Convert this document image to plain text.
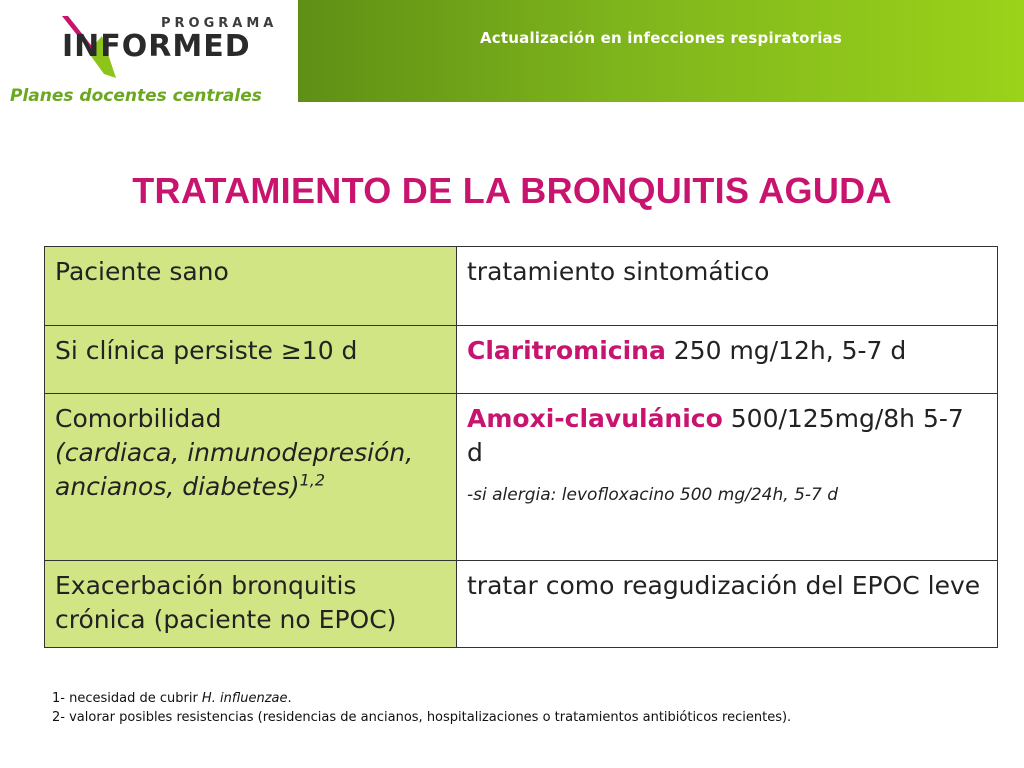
PROGRAMA
INFORMED
Planes docentes centrales
Actualización en infecciones respiratorias
TRATAMIENTO DE LA BRONQUITIS AGUDA
Paciente sano	tratamiento sintomático
Si clínica persiste ≥10 d	Claritromicina 250 mg/12h, 5-7 d
Comorbilidad
(cardiaca, inmunodepresión, ancianos, diabetes)$^{1,2}$	Amoxi-clavulánico 500/125mg/8h 5-7 d
-si alergia: levofloxacino 500 mg/24h, 5-7 d

Exacerbación bronquitis crónica (paciente no EPOC)	tratar como reagudización del EPOC leve
1- necesidad de cubrir H. influenzae.
2- valorar posibles resistencias (residencias de ancianos, hospitalizaciones o tratamientos antibióticos recientes).
